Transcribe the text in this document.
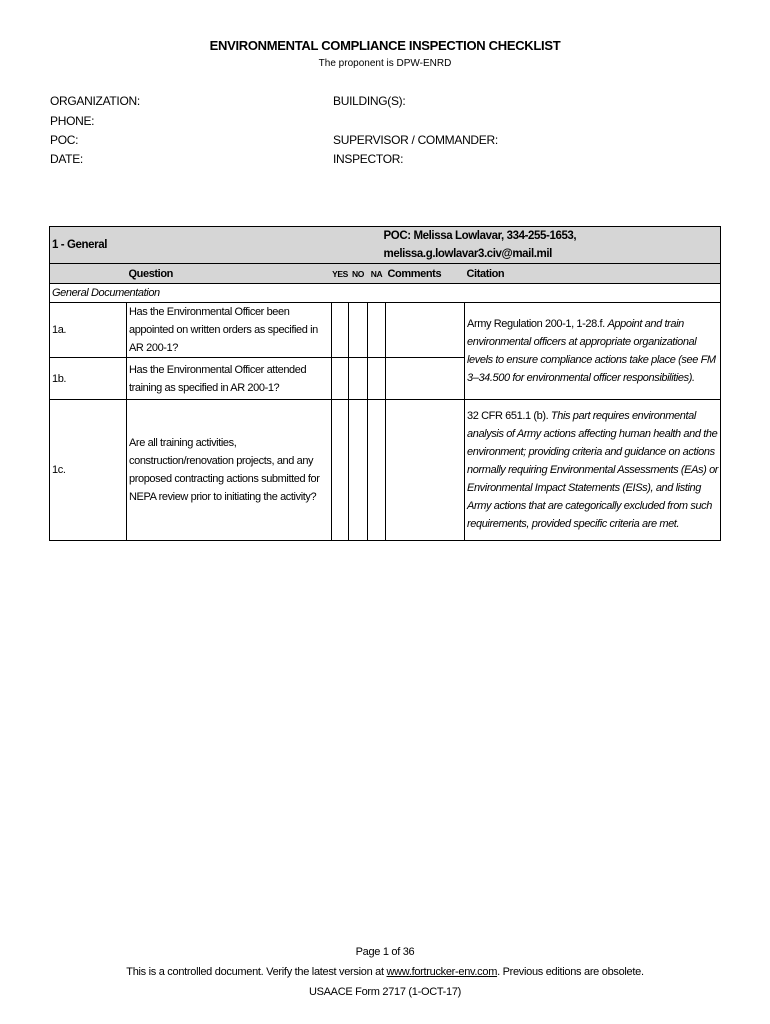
ENVIRONMENTAL COMPLIANCE INSPECTION CHECKLIST
The proponent is DPW-ENRD
ORGANIZATION:
PHONE:
POC:
DATE:
BUILDING(S):
SUPERVISOR / COMMANDER:
INSPECTOR:
1 - General		POC: Melissa Lowlavar, 334-255-1653, melissa.g.lowlavar3.civ@mail.mil				
	Question	YES	NO	NA	Comments	Citation
General Documentation						
1a.	Has the Environmental Officer been appointed on written orders as specified in AR 200-1?					Army Regulation 200-1, 1-28.f. Appoint and train environmental officers at appropriate organizational levels to ensure compliance actions take place (see FM 3–34.500 for environmental officer responsibilities).
1b.	Has the Environmental Officer attended training as specified in AR 200-1?					
1c.	Are all training activities, construction/renovation projects, and any proposed contracting actions submitted for NEPA review prior to initiating the activity?					32 CFR 651.1 (b). This part requires environmental analysis of Army actions affecting human health and the environment; providing criteria and guidance on actions normally requiring Environmental Assessments (EAs) or Environmental Impact Statements (EISs), and listing Army actions that are categorically excluded from such requirements, provided specific criteria are met.
Page 1 of 36
This is a controlled document. Verify the latest version at www.fortrucker-env.com. Previous editions are obsolete.
USAACE Form 2717 (1-OCT-17)
